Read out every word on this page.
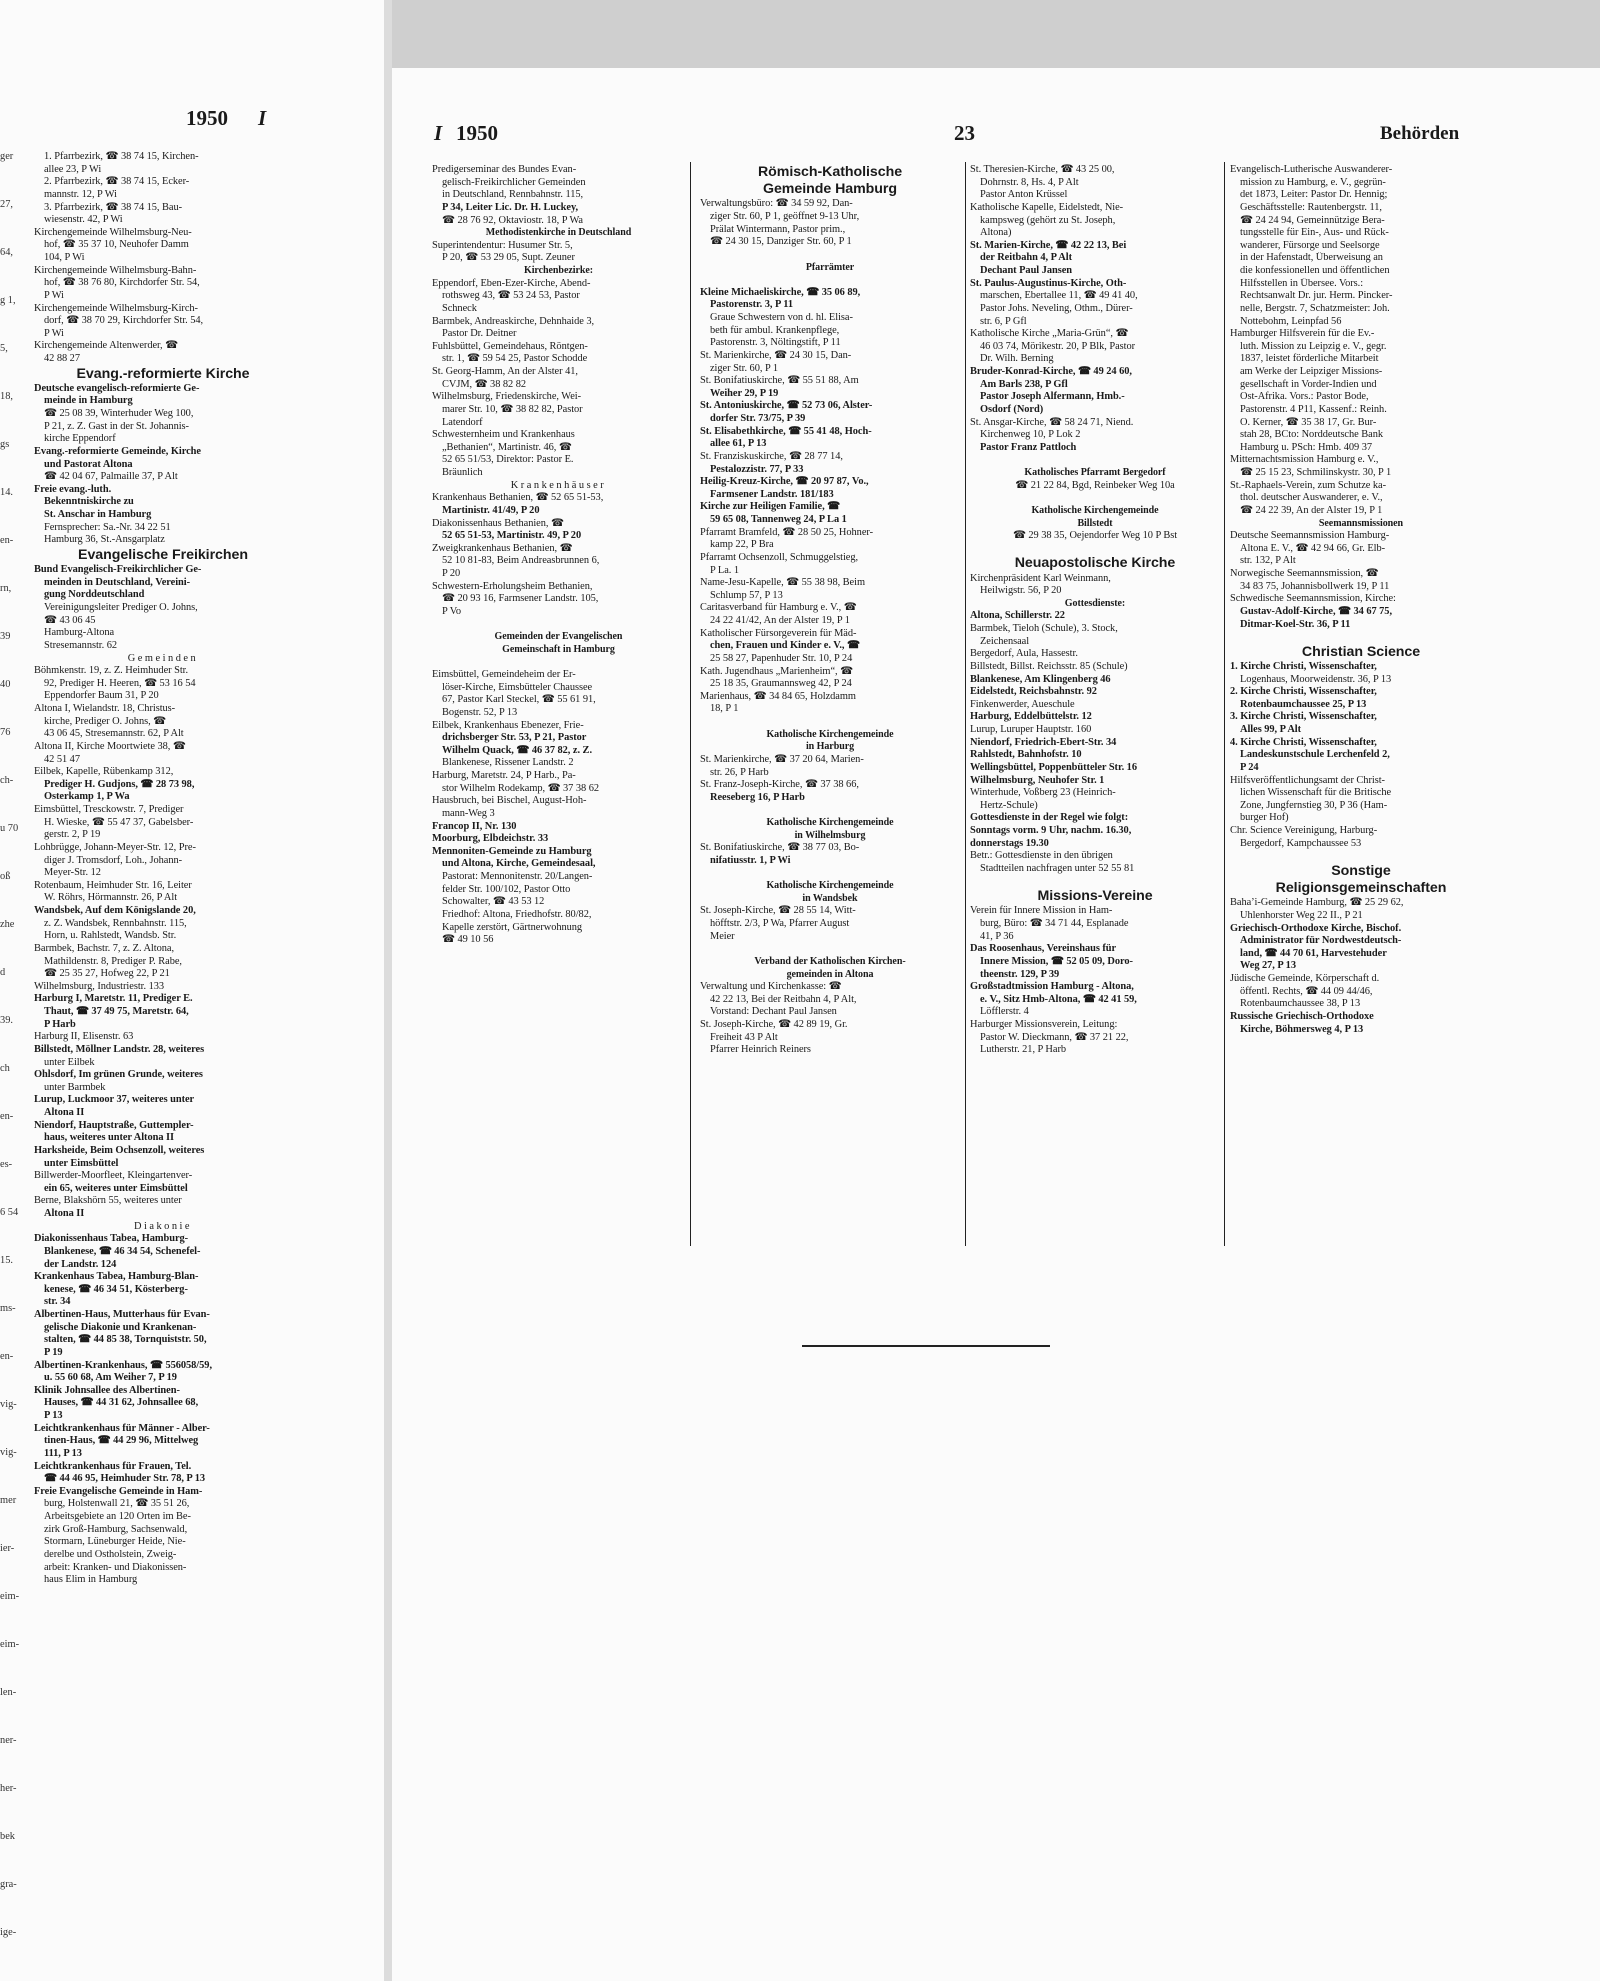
1950 I
ger
27,
64,
g 1,
5,
18,
gs
14.
en-
rn,
39
40
76
ch-
u 70
oß
zhe
d
39.
ch
en-
es-
6 54
15.
ms-
en-
vig-
vig-
mer
ier-
eim-
eim-
len-
ner-
her-
bek
gra-
ige-
1. Pfarrbezirk, ☎ 38 74 15, Kirchen-
allee 23, P Wi
2. Pfarrbezirk, ☎ 38 74 15, Ecker-
mannstr. 12, P Wi
3. Pfarrbezirk, ☎ 38 74 15, Bau-
wiesenstr. 42, P Wi
Kirchengemeinde Wilhelmsburg-Neu-
hof, ☎ 35 37 10, Neuhofer Damm
104, P Wi
Kirchengemeinde Wilhelmsburg-Bahn-
hof, ☎ 38 76 80, Kirchdorfer Str. 54,
P Wi
Kirchengemeinde Wilhelmsburg-Kirch-
dorf, ☎ 38 70 29, Kirchdorfer Str. 54,
P Wi
Kirchengemeinde Altenwerder, ☎
42 88 27
Evang.-reformierte Kirche
Deutsche evangelisch-reformierte Ge-
meinde in Hamburg
☎ 25 08 39, Winterhuder Weg 100,
P 21, z. Z. Gast in der St. Johannis-
kirche Eppendorf
Evang.-reformierte Gemeinde, Kirche
und Pastorat Altona
☎ 42 04 67, Palmaille 37, P Alt
Freie evang.-luth.
Bekenntniskirche zu
St. Anschar in Hamburg
Fernsprecher: Sa.-Nr. 34 22 51
Hamburg 36, St.-Ansgarplatz
Evangelische Freikirchen
Bund Evangelisch-Freikirchlicher Ge-
meinden in Deutschland, Vereini-
gung Norddeutschland
Vereinigungsleiter Prediger O. Johns,
☎ 43 06 45
Hamburg-Altona
Stresemannstr. 62
Gemeinden
Böhmkenstr. 19, z. Z. Heimhuder Str.
92, Prediger H. Heeren, ☎ 53 16 54
Eppendorfer Baum 31, P 20
Altona I, Wielandstr. 18, Christus-
kirche, Prediger O. Johns, ☎
43 06 45, Stresemannstr. 62, P Alt
Altona II, Kirche Moortwiete 38, ☎
42 51 47
Eilbek, Kapelle, Rübenkamp 312,
Prediger H. Gudjons, ☎ 28 73 98,
Osterkamp 1, P Wa
Eimsbüttel, Tresckowstr. 7, Prediger
H. Wieske, ☎ 55 47 37, Gabelsber-
gerstr. 2, P 19
Lohbrügge, Johann-Meyer-Str. 12, Pre-
diger J. Tromsdorf, Loh., Johann-
Meyer-Str. 12
Rotenbaum, Heimhuder Str. 16, Leiter
W. Röhrs, Hörmannstr. 26, P Alt
Wandsbek, Auf dem Königslande 20,
z. Z. Wandsbek, Rennbahnstr. 115,
Horn, u. Rahlstedt, Wandsb. Str.
Barmbek, Bachstr. 7, z. Z. Altona,
Mathildenstr. 8, Prediger P. Rabe,
☎ 25 35 27, Hofweg 22, P 21
Wilhelmsburg, Industriestr. 133
Harburg I, Maretstr. 11, Prediger E.
Thaut, ☎ 37 49 75, Maretstr. 64,
P Harb
Harburg II, Elisenstr. 63
Billstedt, Möllner Landstr. 28, weiteres
unter Eilbek
Ohlsdorf, Im grünen Grunde, weiteres
unter Barmbek
Lurup, Luckmoor 37, weiteres unter
Altona II
Niendorf, Hauptstraße, Guttempler-
haus, weiteres unter Altona II
Harksheide, Beim Ochsenzoll, weiteres
unter Eimsbüttel
Billwerder-Moorfleet, Kleingartenver-
ein 65, weiteres unter Eimsbüttel
Berne, Blakshörn 55, weiteres unter
Altona II
Diakonie
Diakonissenhaus Tabea, Hamburg-
Blankenese, ☎ 46 34 54, Schenefel-
der Landstr. 124
Krankenhaus Tabea, Hamburg-Blan-
kenese, ☎ 46 34 51, Kösterberg-
str. 34
Albertinen-Haus, Mutterhaus für Evan-
gelische Diakonie und Krankenan-
stalten, ☎ 44 85 38, Tornquiststr. 50,
P 19
Albertinen-Krankenhaus, ☎ 556058/59,
u. 55 60 68, Am Weiher 7, P 19
Klinik Johnsallee des Albertinen-
Hauses, ☎ 44 31 62, Johnsallee 68,
P 13
Leichtkrankenhaus für Männer - Alber-
tinen-Haus, ☎ 44 29 96, Mittelweg
111, P 13
Leichtkrankenhaus für Frauen, Tel.
☎ 44 46 95, Heimhuder Str. 78, P 13
Freie Evangelische Gemeinde in Ham-
burg, Holstenwall 21, ☎ 35 51 26,
Arbeitsgebiete an 120 Orten im Be-
zirk Groß-Hamburg, Sachsenwald,
Stormarn, Lüneburger Heide, Nie-
derelbe und Ostholstein, Zweig-
arbeit: Kranken- und Diakonissen-
haus Elim in Hamburg
I 1950	23	Behörden
Predigerseminar des Bundes Evan-
gelisch-Freikirchlicher Gemeinden
in Deutschland, Rennbahnstr. 115,
P 34, Leiter Lic. Dr. H. Luckey,
☎ 28 76 92, Oktaviostr. 18, P Wa
Methodistenkirche in Deutschland
Superintendentur: Husumer Str. 5,
P 20, ☎ 53 29 05, Supt. Zeuner
Kirchenbezirke:
Eppendorf, Eben-Ezer-Kirche, Abend-
rothsweg 43, ☎ 53 24 53, Pastor
Schneck
Barmbek, Andreaskirche, Dehnhaide 3,
Pastor Dr. Deitner
Fuhlsbüttel, Gemeindehaus, Röntgen-
str. 1, ☎ 59 54 25, Pastor Schodde
St. Georg-Hamm, An der Alster 41,
CVJM, ☎ 38 82 82
Wilhelmsburg, Friedenskirche, Wei-
marer Str. 10, ☎ 38 82 82, Pastor
Latendorf
Schwesternheim und Krankenhaus
„Bethanien“, Martinistr. 46, ☎
52 65 51/53, Direktor: Pastor E.
Bräunlich
Krankenhäuser
Krankenhaus Bethanien, ☎ 52 65 51-53,
Martinistr. 41/49, P 20
Diakonissenhaus Bethanien, ☎
52 65 51-53, Martinistr. 49, P 20
Zweigkrankenhaus Bethanien, ☎
52 10 81-83, Beim Andreasbrunnen 6,
P 20
Schwestern-Erholungsheim Bethanien,
☎ 20 93 16, Farmsener Landstr. 105,
P Vo

Gemeinden der Evangelischen
Gemeinschaft in Hamburg

Eimsbüttel, Gemeindeheim der Er-
löser-Kirche, Eimsbütteler Chaussee
67, Pastor Karl Steckel, ☎ 55 61 91,
Bogenstr. 52, P 13
Eilbek, Krankenhaus Ebenezer, Frie-
drichsberger Str. 53, P 21, Pastor
Wilhelm Quack, ☎ 46 37 82, z. Z.
Blankenese, Rissener Landstr. 2
Harburg, Maretstr. 24, P Harb., Pa-
stor Wilhelm Rodekamp, ☎ 37 38 62
Hausbruch, bei Bischel, August-Hoh-
mann-Weg 3
Francop II, Nr. 130
Moorburg, Elbdeichstr. 33
Mennoniten-Gemeinde zu Hamburg
und Altona, Kirche, Gemeindesaal,
Pastorat: Mennonitenstr. 20/Langen-
felder Str. 100/102, Pastor Otto
Schowalter, ☎ 43 53 12
Friedhof: Altona, Friedhofstr. 80/82,
Kapelle zerstört, Gärtnerwohnung
☎ 49 10 56
Römisch-Katholische
Gemeinde Hamburg
Verwaltungsbüro: ☎ 34 59 92, Dan-
ziger Str. 60, P 1, geöffnet 9-13 Uhr,
Prälat Wintermann, Pastor prim.,
☎ 24 30 15, Danziger Str. 60, P 1

Pfarrämter

Kleine Michaeliskirche, ☎ 35 06 89,
Pastorenstr. 3, P 11
Graue Schwestern von d. hl. Elisa-
beth für ambul. Krankenpflege,
Pastorenstr. 3, Nöltingstift, P 11
St. Marienkirche, ☎ 24 30 15, Dan-
ziger Str. 60, P 1
St. Bonifatiuskirche, ☎ 55 51 88, Am
Weiher 29, P 19
St. Antoniuskirche, ☎ 52 73 06, Alster-
dorfer Str. 73/75, P 39
St. Elisabethkirche, ☎ 55 41 48, Hoch-
allee 61, P 13
St. Franziskuskirche, ☎ 28 77 14,
Pestalozzistr. 77, P 33
Heilig-Kreuz-Kirche, ☎ 20 97 87, Vo.,
Farmsener Landstr. 181/183
Kirche zur Heiligen Familie, ☎
59 65 08, Tannenweg 24, P La 1
Pfarramt Bramfeld, ☎ 28 50 25, Hohner-
kamp 22, P Bra
Pfarramt Ochsenzoll, Schmuggelstieg,
P La. 1
Name-Jesu-Kapelle, ☎ 55 38 98, Beim
Schlump 57, P 13
Caritasverband für Hamburg e. V., ☎
24 22 41/42, An der Alster 19, P 1
Katholischer Fürsorgeverein für Mäd-
chen, Frauen und Kinder e. V., ☎
25 58 27, Papenhuder Str. 10, P 24
Kath. Jugendhaus „Marienheim“, ☎
25 18 35, Graumannsweg 42, P 24
Marienhaus, ☎ 34 84 65, Holzdamm
18, P 1

Katholische Kirchengemeinde
in Harburg
St. Marienkirche, ☎ 37 20 64, Marien-
str. 26, P Harb
St. Franz-Joseph-Kirche, ☎ 37 38 66,
Reeseberg 16, P Harb

Katholische Kirchengemeinde
in Wilhelmsburg
St. Bonifatiuskirche, ☎ 38 77 03, Bo-
nifatiusstr. 1, P Wi

Katholische Kirchengemeinde
in Wandsbek
St. Joseph-Kirche, ☎ 28 55 14, Witt-
höfftstr. 2/3, P Wa, Pfarrer August
Meier

Verband der Katholischen Kirchen-
gemeinden in Altona
Verwaltung und Kirchenkasse: ☎
42 22 13, Bei der Reitbahn 4, P Alt,
Vorstand: Dechant Paul Jansen
St. Joseph-Kirche, ☎ 42 89 19, Gr.
Freiheit 43 P Alt
Pfarrer Heinrich Reiners
St. Theresien-Kirche, ☎ 43 25 00,
Dohrnstr. 8, Hs. 4, P Alt
Pastor Anton Krüssel
Katholische Kapelle, Eidelstedt, Nie-
kampsweg (gehört zu St. Joseph,
Altona)
St. Marien-Kirche, ☎ 42 22 13, Bei
der Reitbahn 4, P Alt
Dechant Paul Jansen
St. Paulus-Augustinus-Kirche, Oth-
marschen, Ebertallee 11, ☎ 49 41 40,
Pastor Johs. Neveling, Othm., Dürer-
str. 6, P Gfl
Katholische Kirche „Maria-Grün“, ☎
46 03 74, Mörikestr. 20, P Blk, Pastor
Dr. Wilh. Berning
Bruder-Konrad-Kirche, ☎ 49 24 60,
Am Barls 238, P Gfl
Pastor Joseph Alfermann, Hmb.-
Osdorf (Nord)
St. Ansgar-Kirche, ☎ 58 24 71, Niend.
Kirchenweg 10, P Lok 2
Pastor Franz Pattloch

Katholisches Pfarramt Bergedorf
☎ 21 22 84, Bgd, Reinbeker Weg 10a

Katholische Kirchengemeinde
Billstedt
☎ 29 38 35, Oejendorfer Weg 10 P Bst

Neuapostolische Kirche
Kirchenpräsident Karl Weinmann,
Heilwigstr. 56, P 20
Gottesdienste:
Altona, Schillerstr. 22
Barmbek, Tieloh (Schule), 3. Stock,
Zeichensaal
Bergedorf, Aula, Hassestr.
Billstedt, Billst. Reichsstr. 85 (Schule)
Blankenese, Am Klingenberg 46
Eidelstedt, Reichsbahnstr. 92
Finkenwerder, Aueschule
Harburg, Eddelbüttelstr. 12
Lurup, Luruper Hauptstr. 160
Niendorf, Friedrich-Ebert-Str. 34
Rahlstedt, Bahnhofstr. 10
Wellingsbüttel, Poppenbütteler Str. 16
Wilhelmsburg, Neuhofer Str. 1
Winterhude, Voßberg 23 (Heinrich-
Hertz-Schule)
Gottesdienste in der Regel wie folgt:
Sonntags vorm. 9 Uhr, nachm. 16.30,
donnerstags 19.30
Betr.: Gottesdienste in den übrigen
Stadtteilen nachfragen unter 52 55 81

Missions-Vereine
Verein für Innere Mission in Ham-
burg, Büro: ☎ 34 71 44, Esplanade
41, P 36
Das Roosenhaus, Vereinshaus für
Innere Mission, ☎ 52 05 09, Doro-
theenstr. 129, P 39
Großstadtmission Hamburg - Altona,
e. V., Sitz Hmb-Altona, ☎ 42 41 59,
Löfflerstr. 4
Harburger Missionsverein, Leitung:
Pastor W. Dieckmann, ☎ 37 21 22,
Lutherstr. 21, P Harb
Evangelisch-Lutherische Auswanderer-
mission zu Hamburg, e. V., gegrün-
det 1873, Leiter: Pastor Dr. Hennig;
Geschäftsstelle: Rautenbergstr. 11,
☎ 24 24 94, Gemeinnützige Bera-
tungsstelle für Ein-, Aus- und Rück-
wanderer, Fürsorge und Seelsorge
in der Hafenstadt, Überweisung an
die konfessionellen und öffentlichen
Hilfsstellen in Übersee. Vors.:
Rechtsanwalt Dr. jur. Herm. Pincker-
nelle, Bergstr. 7, Schatzmeister: Joh.
Nottebohm, Leinpfad 56
Hamburger Hilfsverein für die Ev.-
luth. Mission zu Leipzig e. V., gegr.
1837, leistet förderliche Mitarbeit
am Werke der Leipziger Missions-
gesellschaft in Vorder-Indien und
Ost-Afrika. Vors.: Pastor Bode,
Pastorenstr. 4 P11, Kassenf.: Reinh.
O. Kerner, ☎ 35 38 17, Gr. Bur-
stah 28, BCto: Norddeutsche Bank
Hamburg u. PSch: Hmb. 409 37
Mitternachtsmission Hamburg e. V.,
☎ 25 15 23, Schmilinskystr. 30, P 1
St.-Raphaels-Verein, zum Schutze ka-
thol. deutscher Auswanderer, e. V.,
☎ 24 22 39, An der Alster 19, P 1
Seemannsmissionen
Deutsche Seemannsmission Hamburg-
Altona E. V., ☎ 42 94 66, Gr. Elb-
str. 132, P Alt
Norwegische Seemannsmission, ☎
34 83 75, Johannisbollwerk 19, P 11
Schwedische Seemannsmission, Kirche:
Gustav-Adolf-Kirche, ☎ 34 67 75,
Ditmar-Koel-Str. 36, P 11

Christian Science
1. Kirche Christi, Wissenschafter,
Logenhaus, Moorweidenstr. 36, P 13
2. Kirche Christi, Wissenschafter,
Rotenbaumchaussee 25, P 13
3. Kirche Christi, Wissenschafter,
Alles 99, P Alt
4. Kirche Christi, Wissenschafter,
Landeskunstschule Lerchenfeld 2,
P 24
Hilfsveröffentlichungsamt der Christ-
lichen Wissenschaft für die Britische
Zone, Jungfernstieg 30, P 36 (Ham-
burger Hof)
Chr. Science Vereinigung, Harburg-
Bergedorf, Kampchaussee 53

Sonstige
Religionsgemeinschaften
Baha’i-Gemeinde Hamburg, ☎ 25 29 62,
Uhlenhorster Weg 22 II., P 21
Griechisch-Orthodoxe Kirche, Bischof.
Administrator für Nordwestdeutsch-
land, ☎ 44 70 61, Harvestehuder
Weg 27, P 13
Jüdische Gemeinde, Körperschaft d.
öffentl. Rechts, ☎ 44 09 44/46,
Rotenbaumchaussee 38, P 13
Russische Griechisch-Orthodoxe
Kirche, Böhmersweg 4, P 13
